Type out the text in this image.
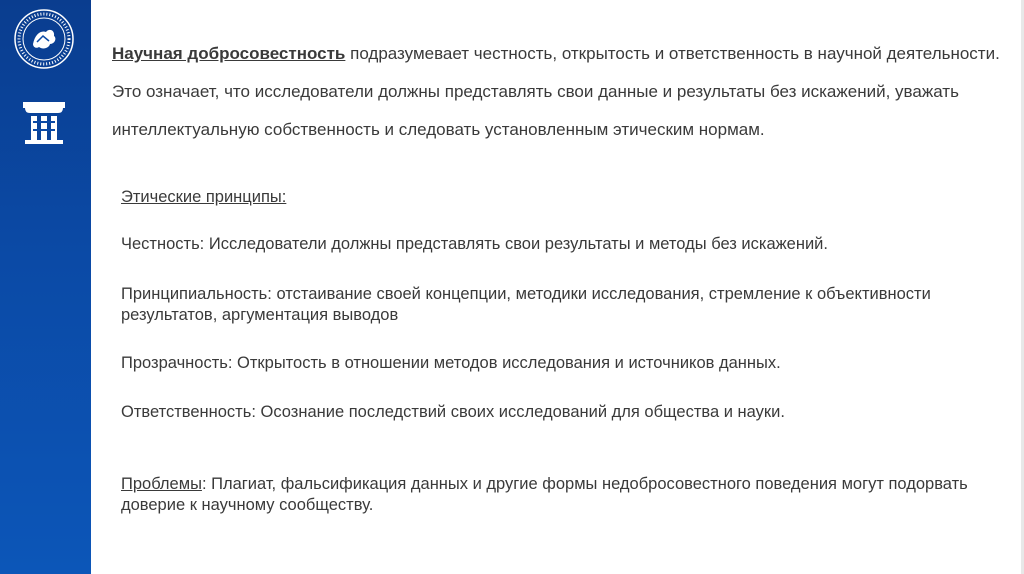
Научная добросовестность подразумевает честность, открытость и ответственность в научной деятельности. Это означает, что исследователи должны представлять свои данные и результаты без искажений, уважать интеллектуальную собственность и следовать установленным этическим нормам.
Этические принципы:
Честность: Исследователи должны представлять свои результаты и методы без искажений.
Принципиальность: отстаивание своей концепции, методики исследования, стремление к объективности результатов, аргументация выводов
Прозрачность: Открытость в отношении методов исследования и источников данных.
Ответственность: Осознание последствий своих исследований для общества и науки.
Проблемы: Плагиат, фальсификация данных и другие формы недобросовестного поведения могут подорвать доверие к научному сообществу.
